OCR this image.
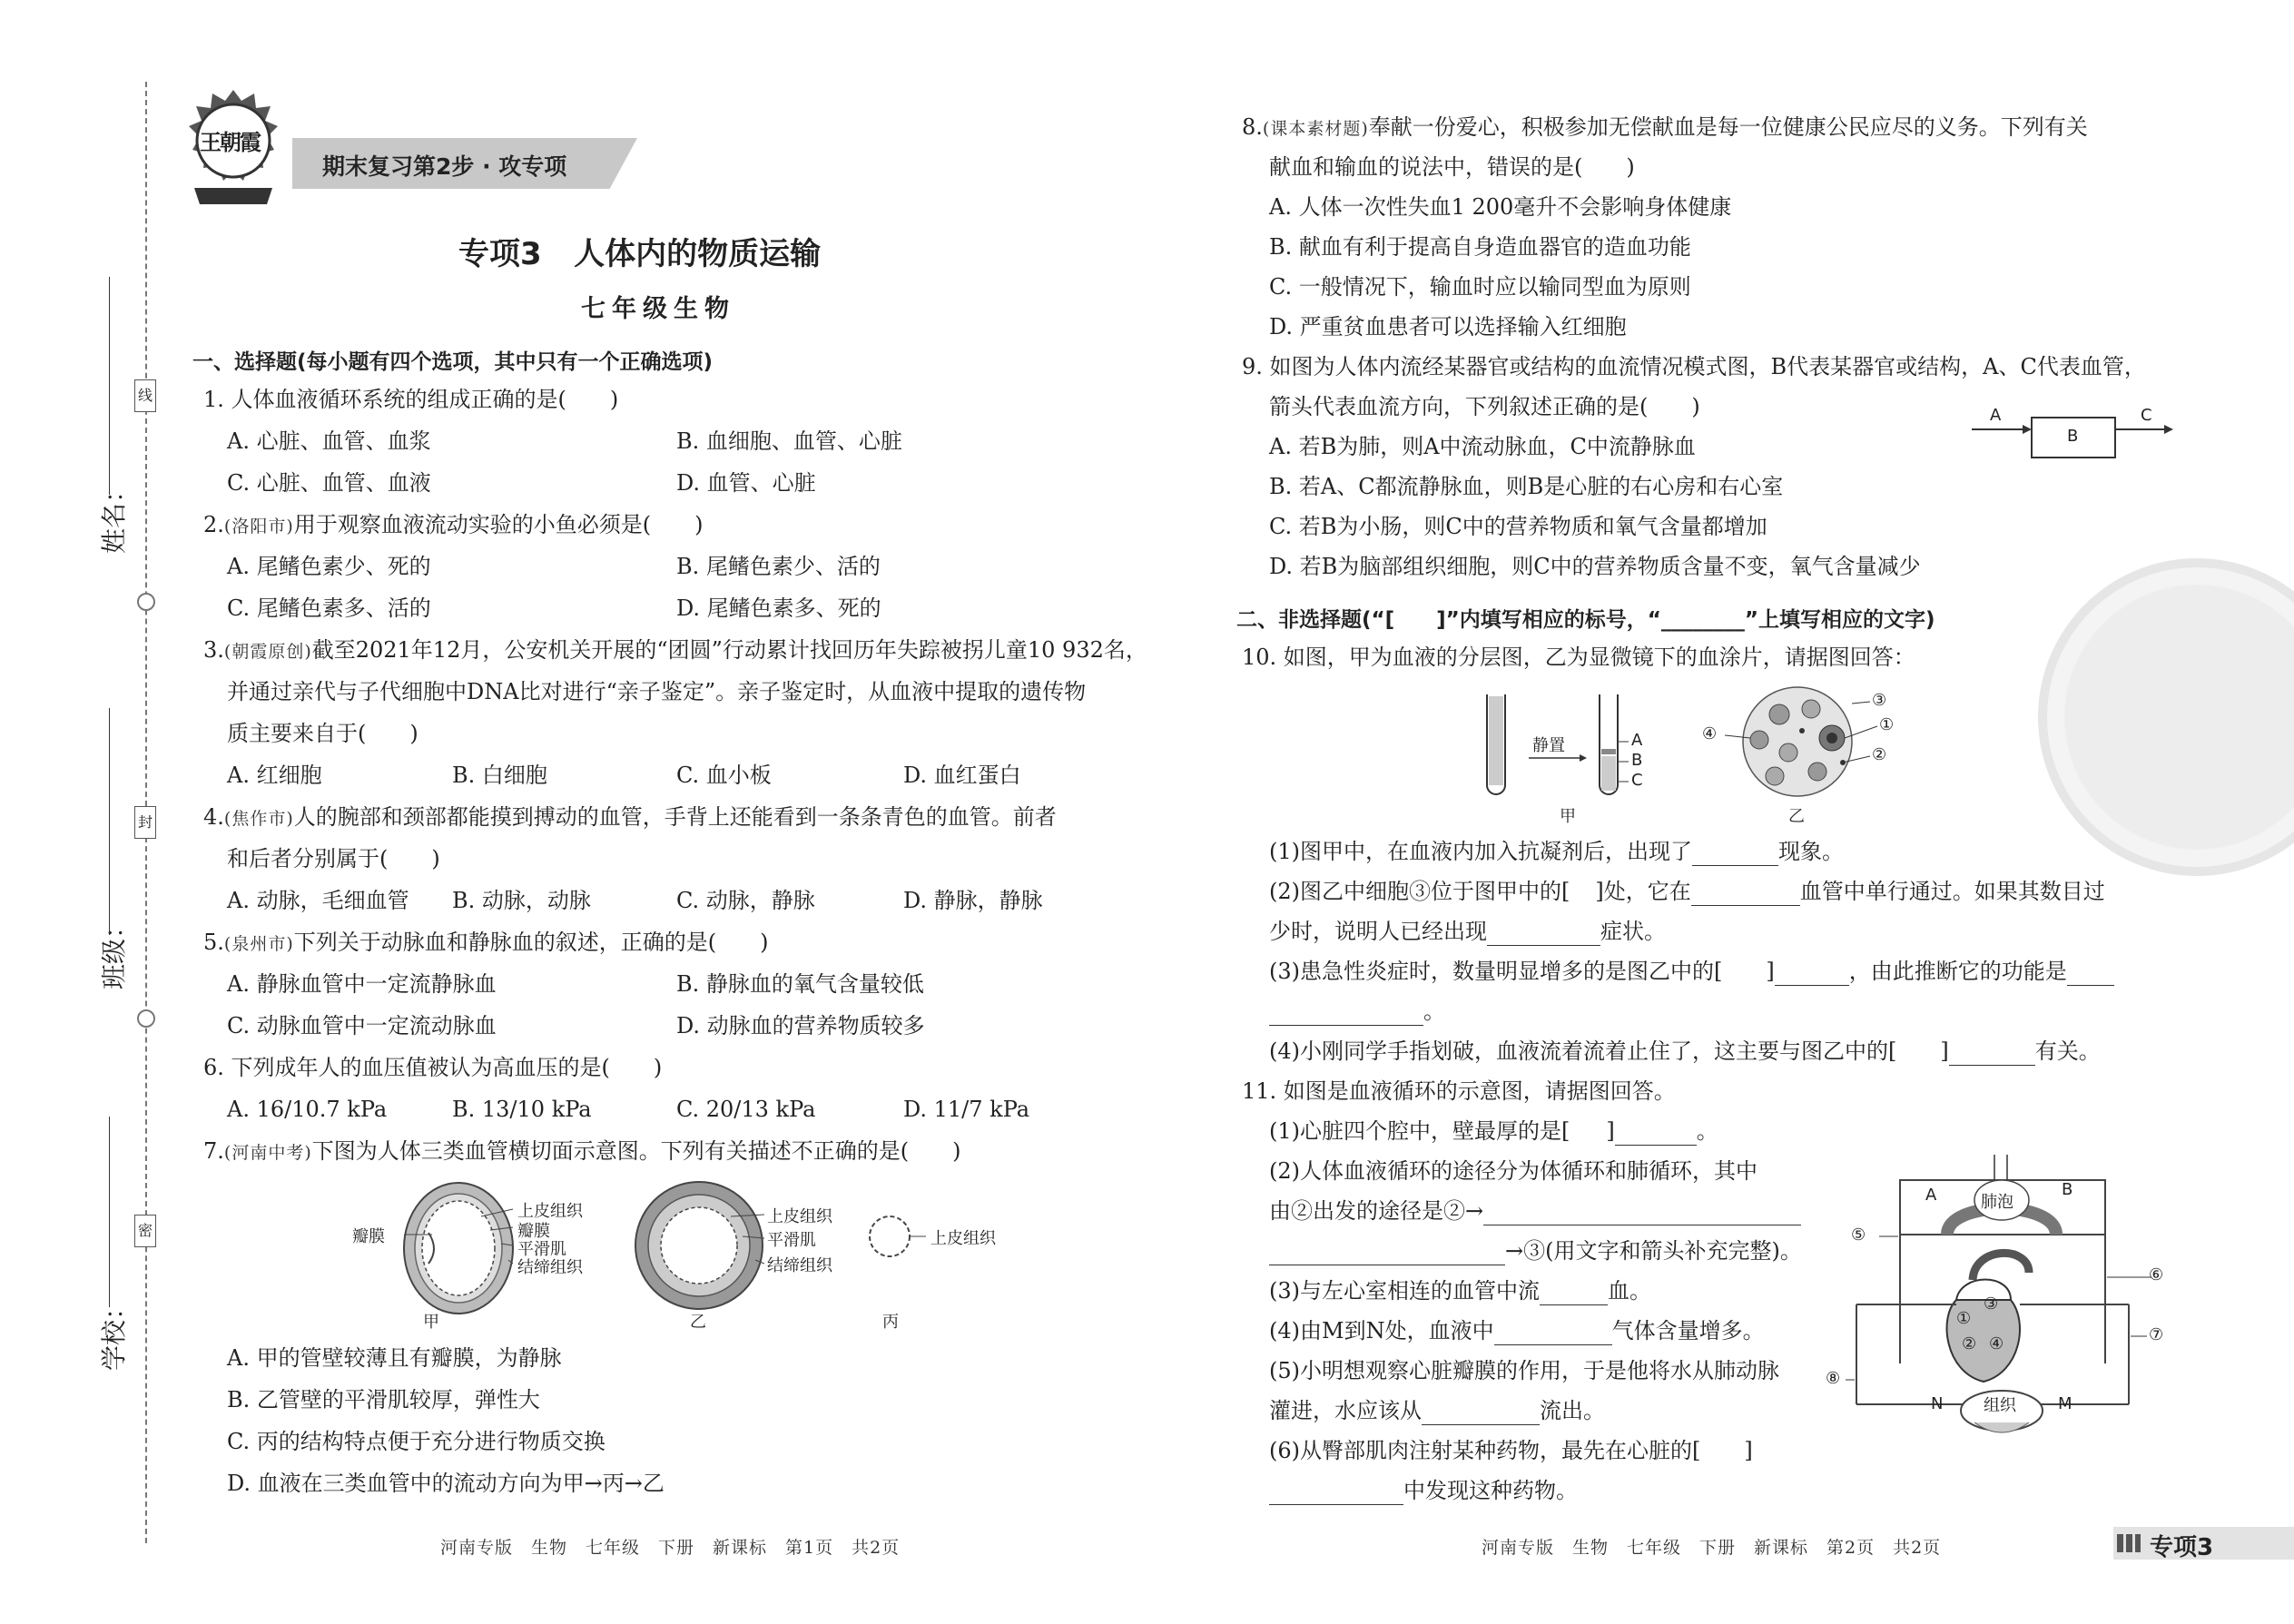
姓名：
班级：
学校：
线
封
密
王朝霞
期末复习第2步 · 攻专项
专项3   人体内的物质运输
七年级生物
一、选择题(每小题有四个选项，其中只有一个正确选项)
1. 人体血液循环系统的组成正确的是(　　)
A. 心脏、血管、血浆	B. 血细胞、血管、心脏
C. 心脏、血管、血液	D. 血管、心脏
2.(洛阳市)用于观察血液流动实验的小鱼必须是(　　)
A. 尾鳍色素少、死的	B. 尾鳍色素少、活的
C. 尾鳍色素多、活的	D. 尾鳍色素多、死的
3.(朝霞原创)截至2021年12月，公安机关开展的“团圆”行动累计找回历年失踪被拐儿童10 932名，
并通过亲代与子代细胞中DNA比对进行“亲子鉴定”。亲子鉴定时，从血液中提取的遗传物
质主要来自于(　　)
A. 红细胞	B. 白细胞	C. 血小板	D. 血红蛋白
4.(焦作市)人的腕部和颈部都能摸到搏动的血管，手背上还能看到一条条青色的血管。前者
和后者分别属于(　　)
A. 动脉，毛细血管 B. 动脉，动脉	C. 动脉，静脉	D. 静脉，静脉
5.(泉州市)下列关于动脉血和静脉血的叙述，正确的是(　　)
A. 静脉血管中一定流静脉血	B. 静脉血的氧气含量较低
C. 动脉血管中一定流动脉血	D. 动脉血的营养物质较多
6. 下列成年人的血压值被认为高血压的是(　　)
A. 16/10.7 kPa	B. 13/10 kPa	C. 20/13 kPa	D. 11/7 kPa
7.(河南中考)下图为人体三类血管横切面示意图。下列有关描述不正确的是(　　)
瓣膜
上皮组织
瓣膜
平滑肌
结缔组织
上皮组织
平滑肌
结缔组织
上皮组织
甲	乙	丙
A. 甲的管壁较薄且有瓣膜，为静脉
B. 乙管壁的平滑肌较厚，弹性大
C. 丙的结构特点便于充分进行物质交换
D. 血液在三类血管中的流动方向为甲→丙→乙
河南专版　生物　七年级　下册　新课标　第1页　共2页
8.(课本素材题)奉献一份爱心，积极参加无偿献血是每一位健康公民应尽的义务。下列有关
献血和输血的说法中，错误的是(　　)
A. 人体一次性失血1 200毫升不会影响身体健康
B. 献血有利于提高自身造血器官的造血功能
C. 一般情况下，输血时应以输同型血为原则
D. 严重贫血患者可以选择输入红细胞
9. 如图为人体内流经某器官或结构的血流情况模式图，B代表某器官或结构，A、C代表血管，
箭头代表血流方向，下列叙述正确的是(　　)	A
B
C
A. 若B为肺，则A中流动脉血，C中流静脉血
B. 若A、C都流静脉血，则B是心脏的右心房和右心室
C. 若B为小肠，则C中的营养物质和氧气含量都增加
D. 若B为脑部组织细胞，则C中的营养物质含量不变，氧气含量减少
二、非选择题(“[　　]”内填写相应的标号，“________”上填写相应的文字)
10. 如图，甲为血液的分层图，乙为显微镜下的血涂片，请据图回答：
静置	A
B
C
③
①
②
④
甲	乙
(1)图甲中，在血液内加入抗凝剂后，出现了	现象。
(2)图乙中细胞③位于图甲中的[ ]处，它在	血管中单行通过。如果其数目过
少时，说明人已经出现	症状。
(3)患急性炎症时，数量明显增多的是图乙中的[ ]	，由此推断它的功能是
。
(4)小刚同学手指划破，血液流着流着止住了，这主要与图乙中的[ ]	有关。
11. 如图是血液循环的示意图，请据图回答。
(1)心脏四个腔中，壁最厚的是[ ]	。
(2)人体血液循环的途径分为体循环和肺循环，其中
由②出发的途径是②→
→③(用文字和箭头补充完整)。
(3)与左心室相连的血管中流	血。
(4)由M到N处，血液中	气体含量增多。
(5)小明想观察心脏瓣膜的作用，于是他将水从肺动脉
灌进，水应该从	流出。
(6)从臀部肌肉注射某种药物，最先在心脏的[ ]
中发现这种药物。
肺泡
A	B
⑤
⑥
⑦
⑧
①
②
③
④
组织
N	M
河南专版　生物　七年级　下册　新课标　第2页　共2页	专项3
